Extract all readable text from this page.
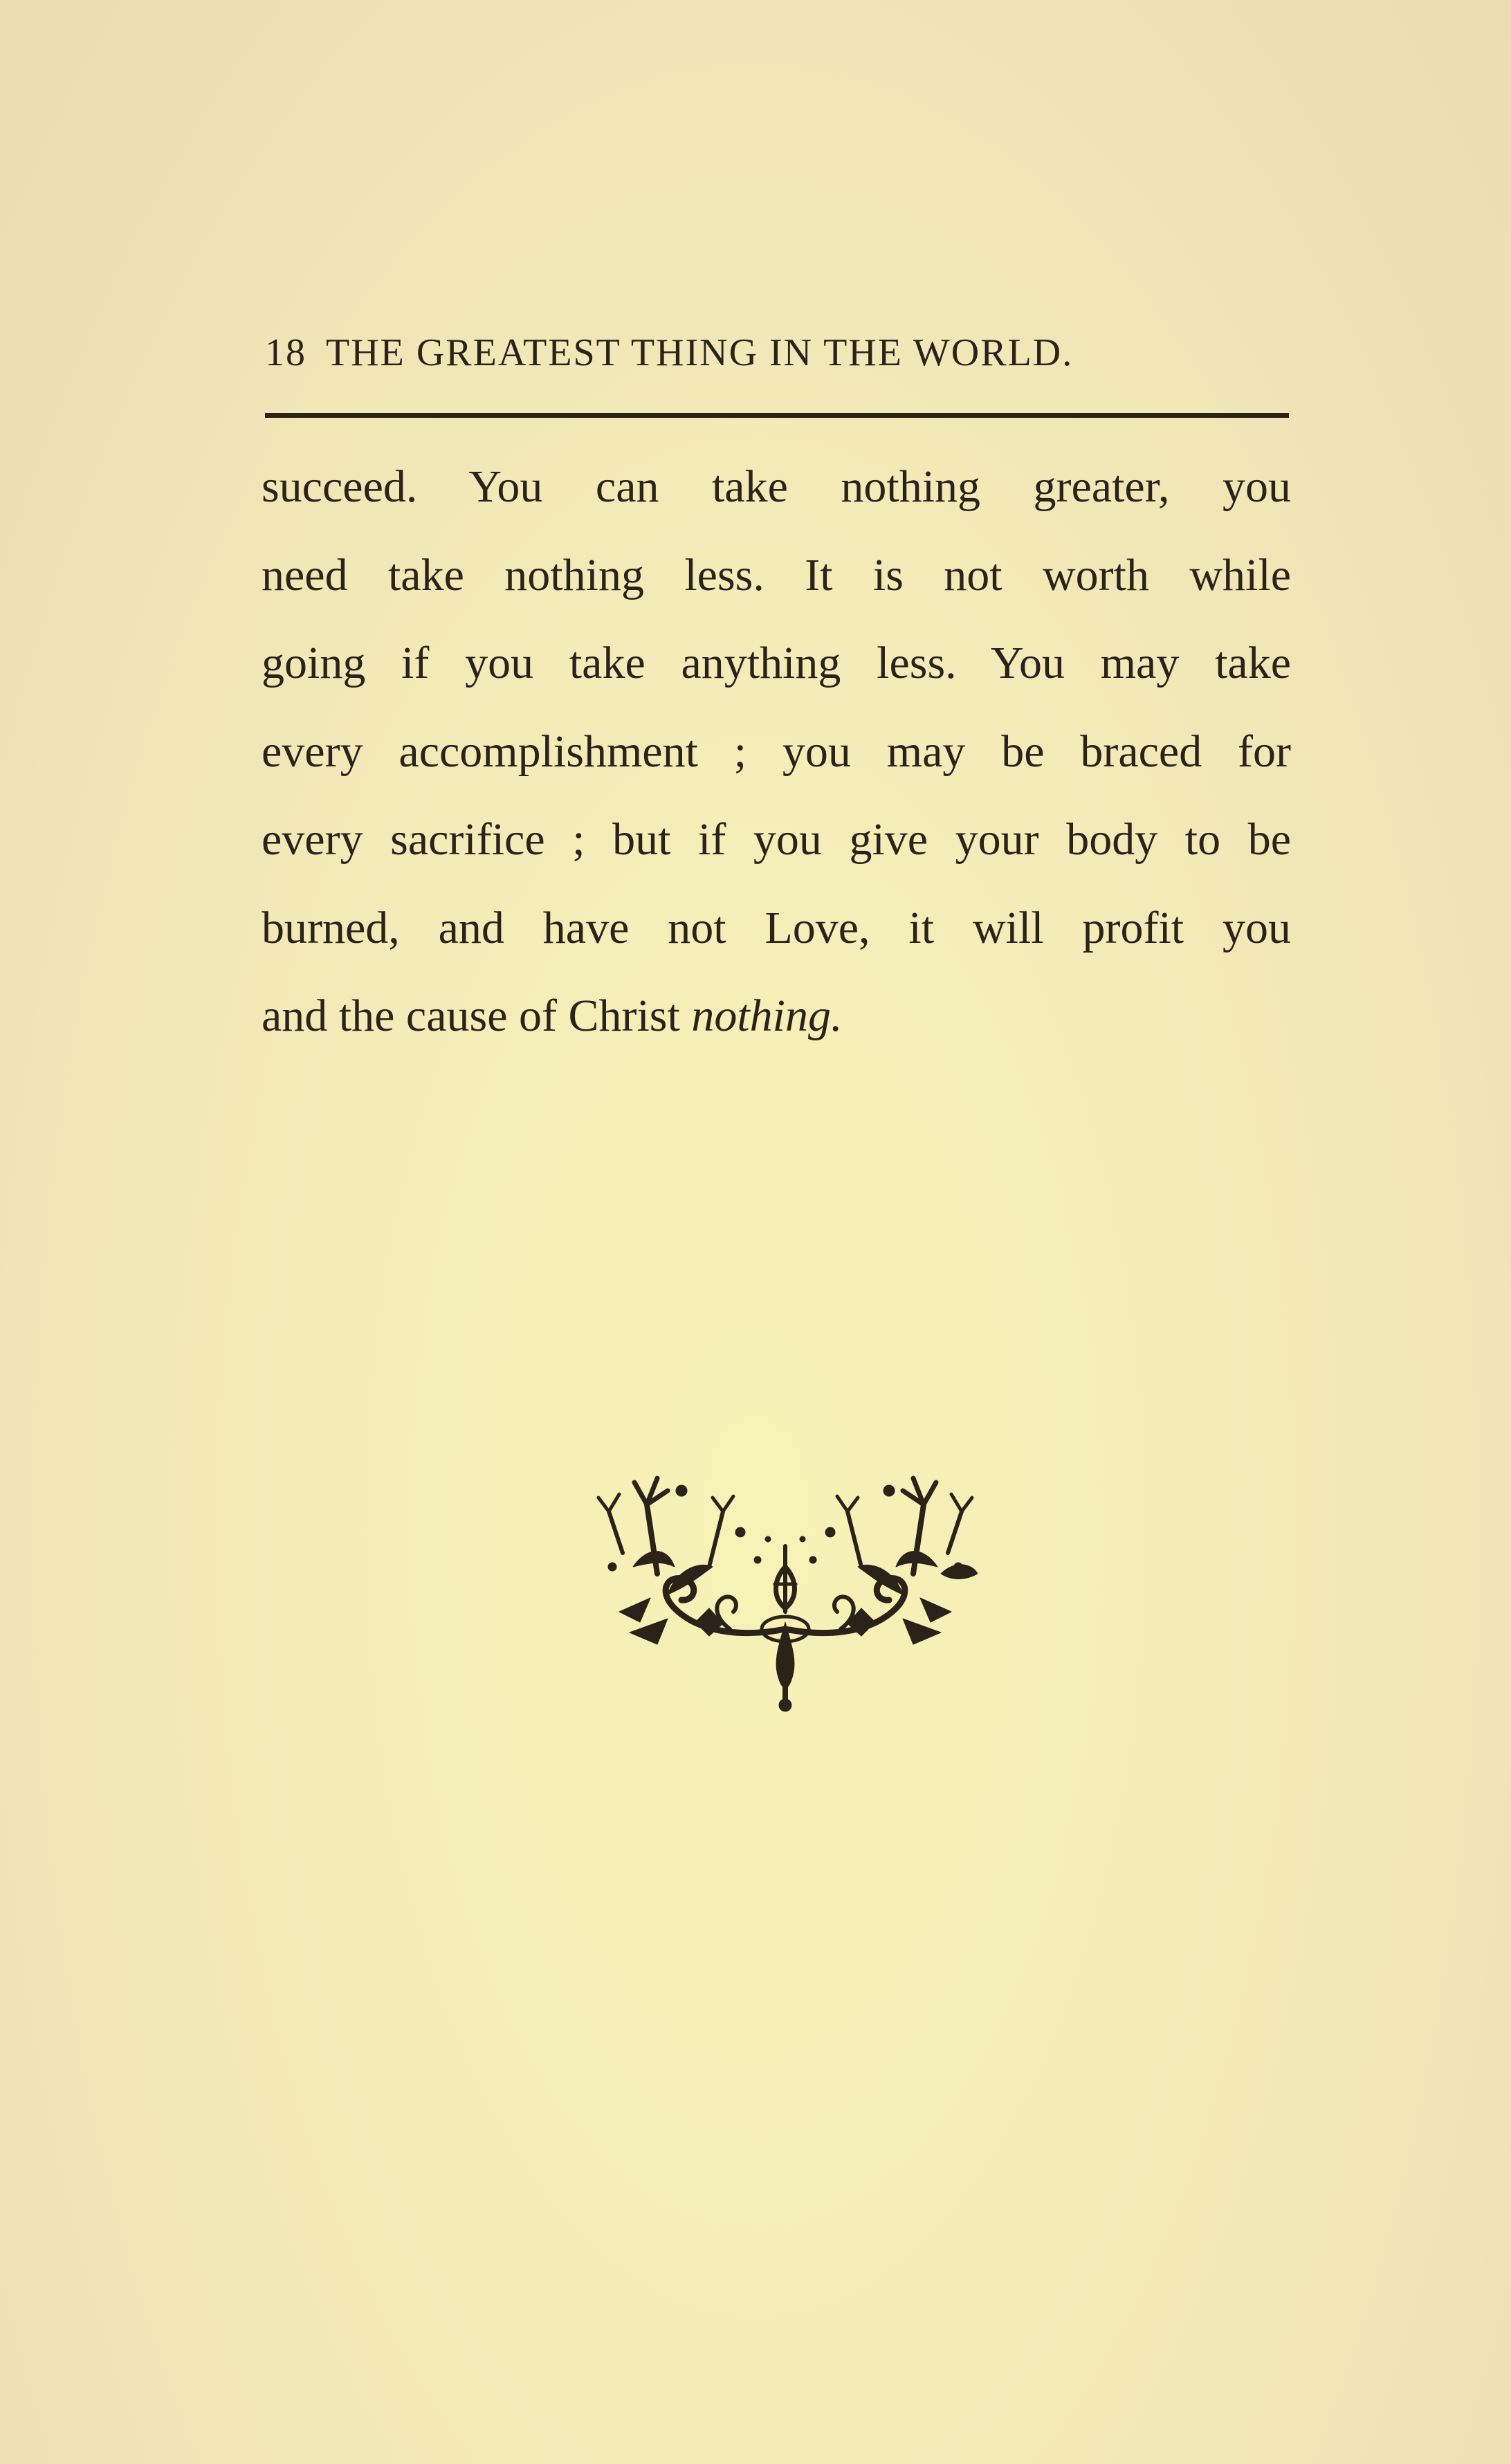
18 THE GREATEST THING IN THE WORLD.
succeed. You can take nothing greater, you
need take nothing less. It is not worth while
going if you take anything less. You may take
every accomplishment ; you may be braced for
every sacrifice ; but if you give your body to be
burned, and have not Love, it will profit you
and the cause of Christ nothing.
